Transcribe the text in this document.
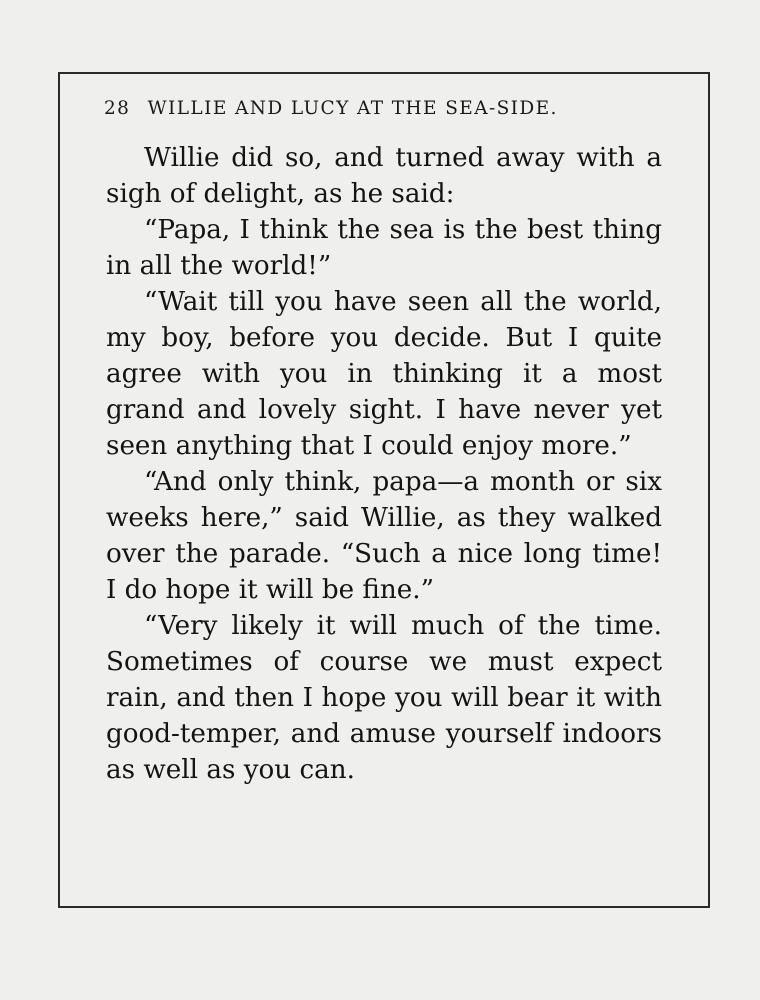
28 WILLIE AND LUCY AT THE SEA-SIDE.

Willie did so, and turned away with a sigh of delight, as he said:

“Papa, I think the sea is the best thing in all the world!”

“Wait till you have seen all the world, my boy, before you decide. But I quite agree with you in thinking it a most grand and lovely sight. I have never yet seen anything that I could enjoy more.”

“And only think, papa—a month or six weeks here,” said Willie, as they walked over the parade. “Such a nice long time! I do hope it will be fine.”

“Very likely it will much of the time. Sometimes of course we must expect rain, and then I hope you will bear it with good-temper, and amuse yourself indoors as well as you can.
